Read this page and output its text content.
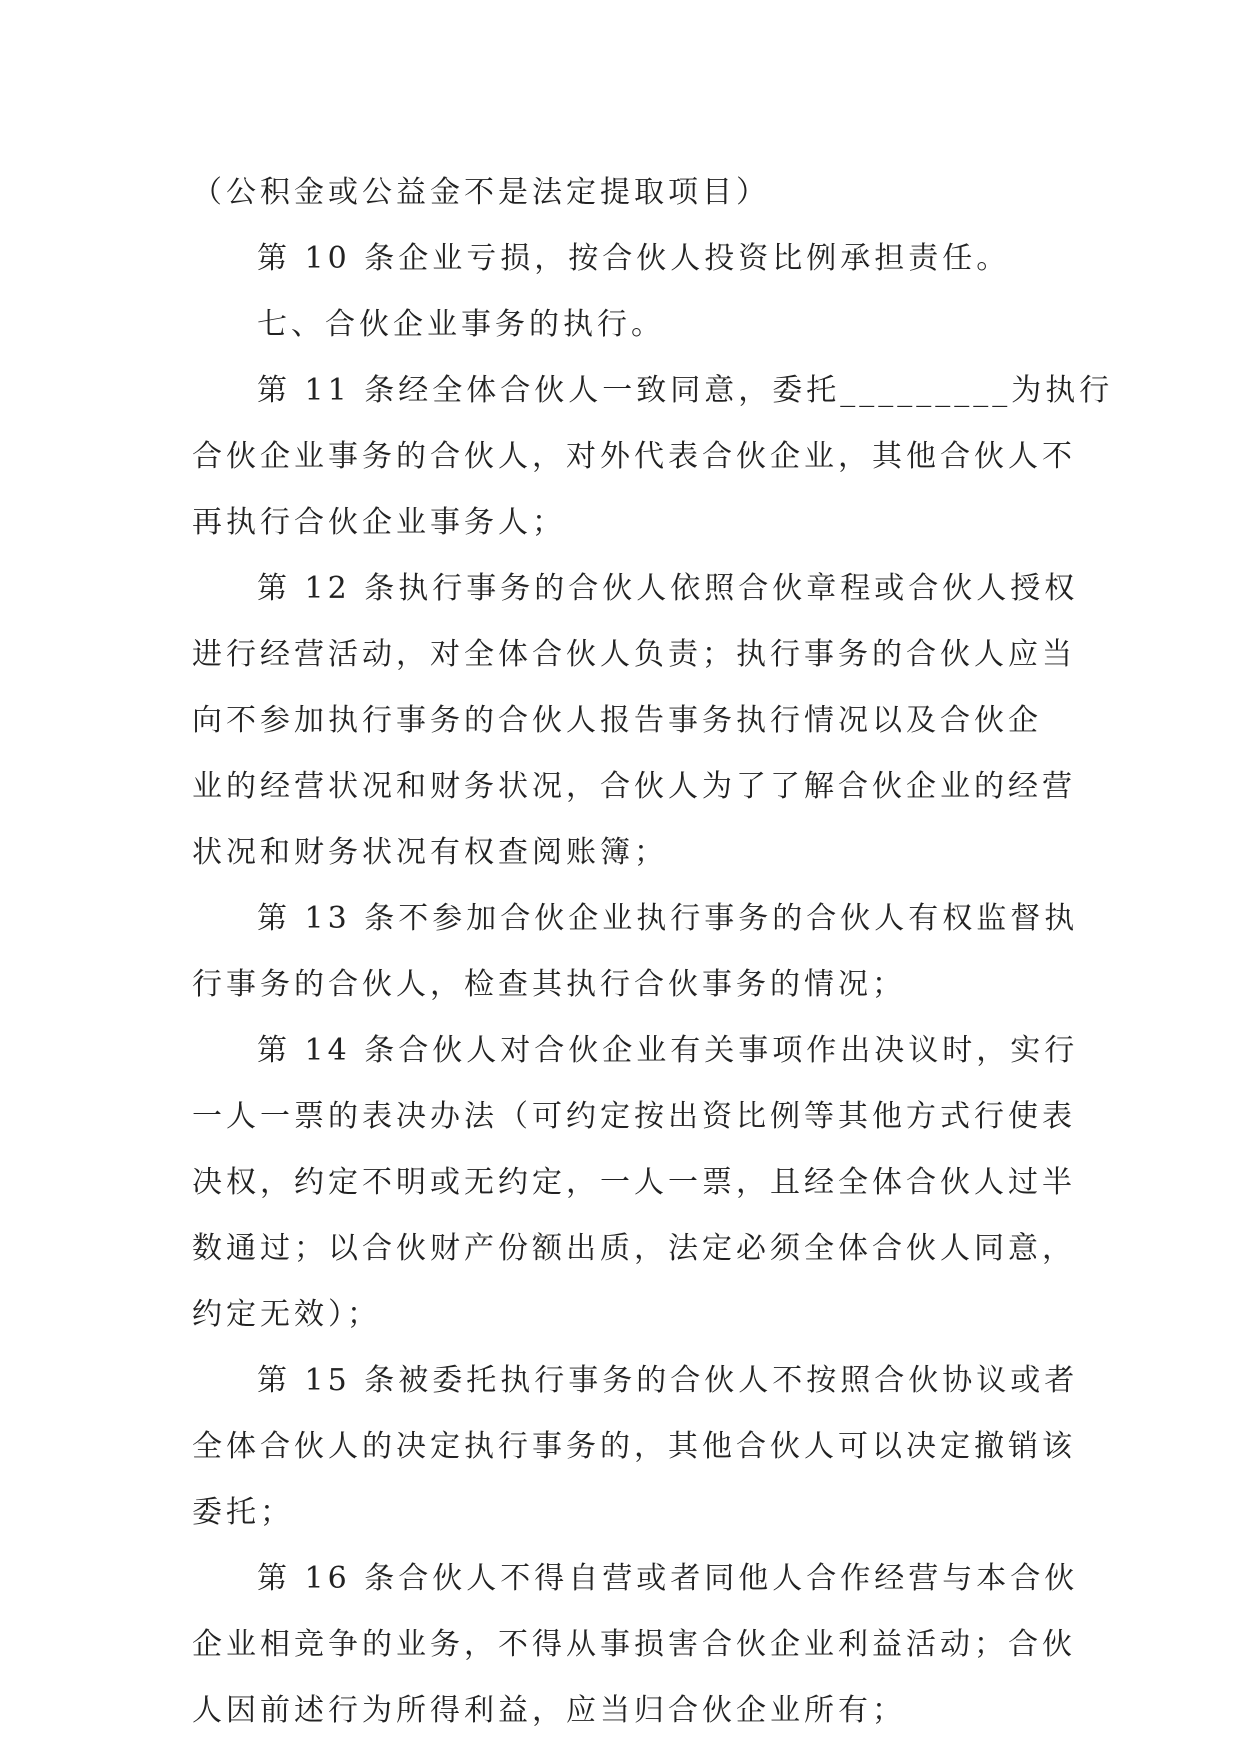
（公积金或公益金不是法定提取项目）

第 10 条企业亏损，按合伙人投资比例承担责任。

七、合伙企业事务的执行。

第 11 条经全体合伙人一致同意，委托_________为执行

合伙企业事务的合伙人，对外代表合伙企业，其他合伙人不

再执行合伙企业事务人；

第 12 条执行事务的合伙人依照合伙章程或合伙人授权

进行经营活动，对全体合伙人负责；执行事务的合伙人应当

向不参加执行事务的合伙人报告事务执行情况以及合伙企

业的经营状况和财务状况，合伙人为了了解合伙企业的经营

状况和财务状况有权查阅账簿；

第 13 条不参加合伙企业执行事务的合伙人有权监督执

行事务的合伙人，检查其执行合伙事务的情况；

第 14 条合伙人对合伙企业有关事项作出决议时，实行

一人一票的表决办法（可约定按出资比例等其他方式行使表

决权，约定不明或无约定，一人一票，且经全体合伙人过半

数通过；以合伙财产份额出质，法定必须全体合伙人同意，

约定无效）；

第 15 条被委托执行事务的合伙人不按照合伙协议或者

全体合伙人的决定执行事务的，其他合伙人可以决定撤销该

委托；

第 16 条合伙人不得自营或者同他人合作经营与本合伙

企业相竞争的业务，不得从事损害合伙企业利益活动；合伙

人因前述行为所得利益，应当归合伙企业所有；
